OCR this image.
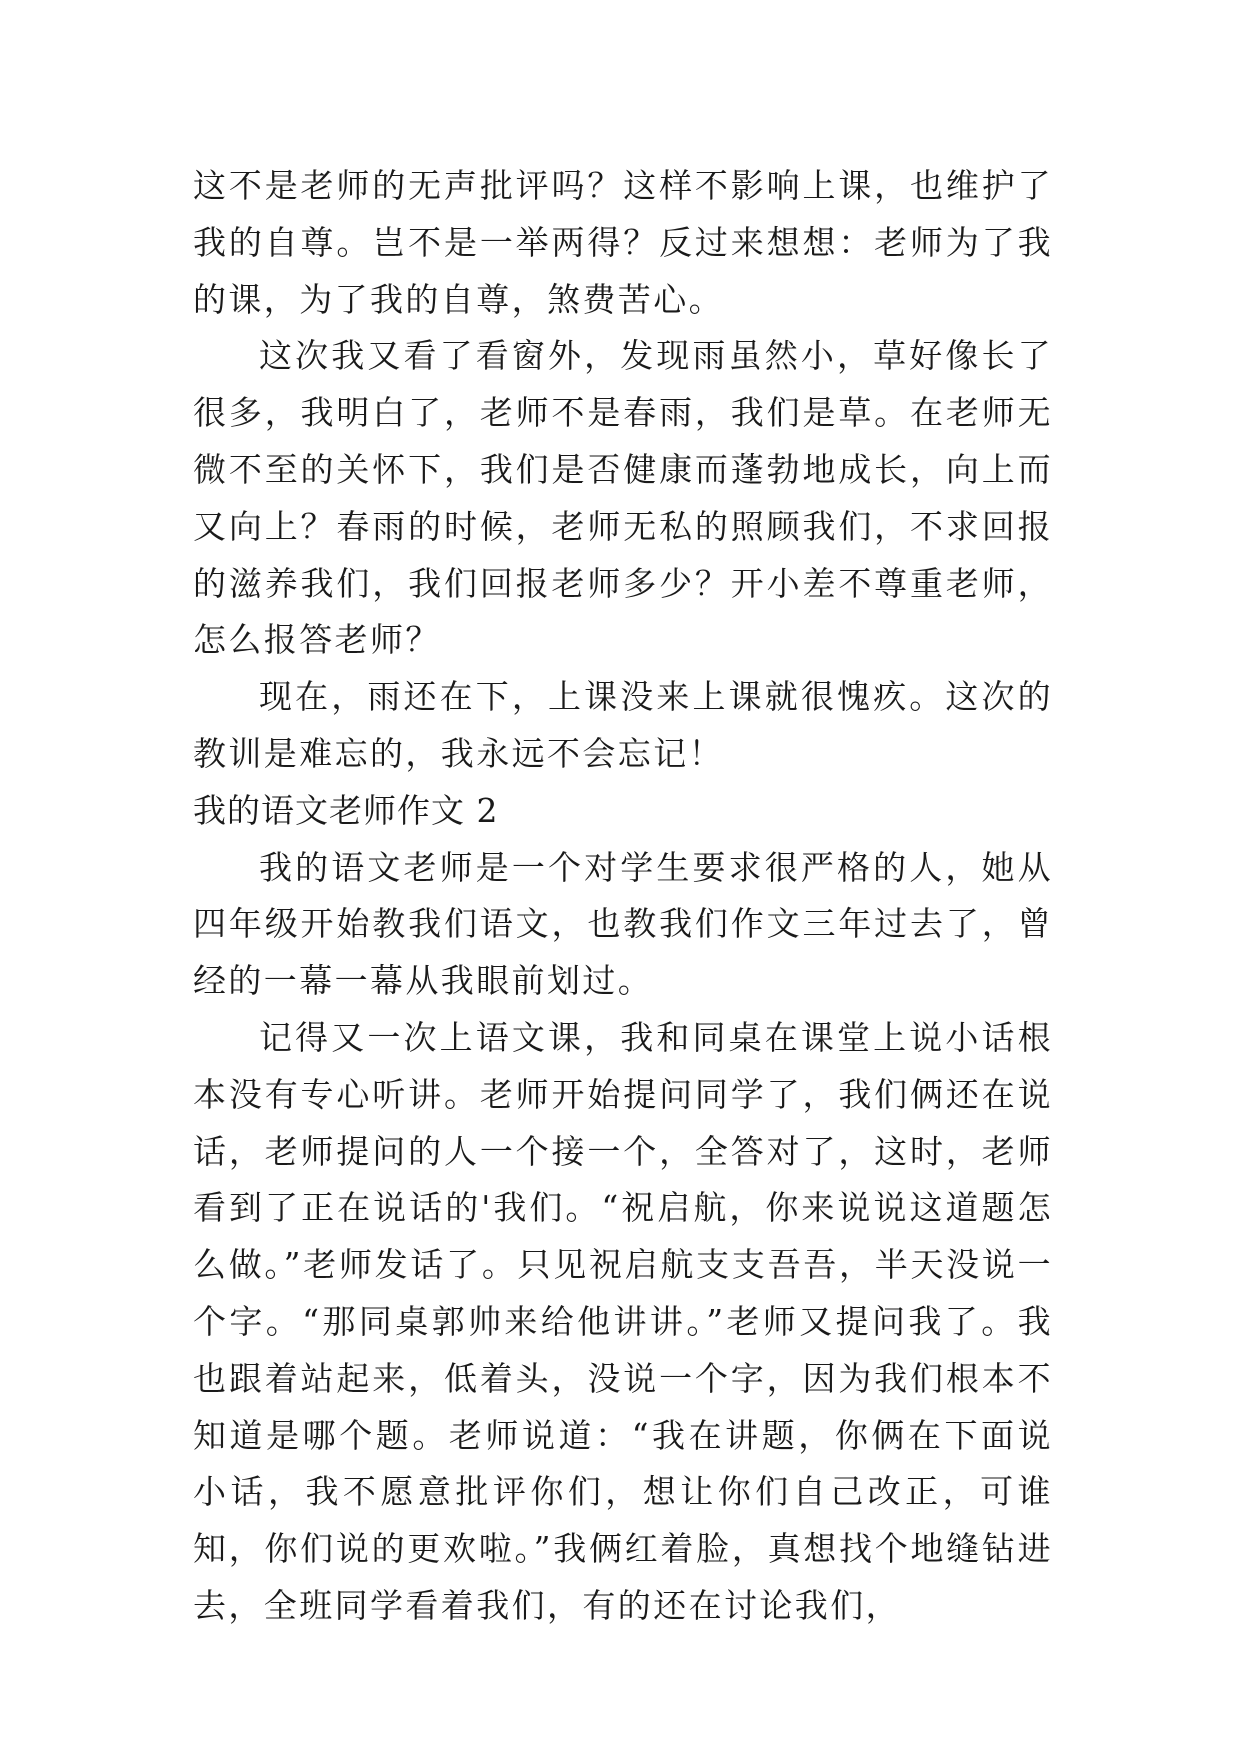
这不是老师的无声批评吗？这样不影响上课，也维护了我的自尊。岂不是一举两得？反过来想想：老师为了我的课，为了我的自尊，煞费苦心。

这次我又看了看窗外，发现雨虽然小，草好像长了很多，我明白了，老师不是春雨，我们是草。在老师无微不至的关怀下，我们是否健康而蓬勃地成长，向上而又向上？春雨的时候，老师无私的照顾我们，不求回报的滋养我们，我们回报老师多少？开小差不尊重老师，怎么报答老师？

现在，雨还在下，上课没来上课就很愧疚。这次的教训是难忘的，我永远不会忘记！

我的语文老师作文 2

我的语文老师是一个对学生要求很严格的人，她从四年级开始教我们语文，也教我们作文三年过去了，曾经的一幕一幕从我眼前划过。

记得又一次上语文课，我和同桌在课堂上说小话根本没有专心听讲。老师开始提问同学了，我们俩还在说话，老师提问的人一个接一个，全答对了，这时，老师看到了正在说话的'我们。“祝启航，你来说说这道题怎么做。”老师发话了。只见祝启航支支吾吾，半天没说一个字。“那同桌郭帅来给他讲讲。”老师又提问我了。我也跟着站起来，低着头，没说一个字，因为我们根本不知道是哪个题。老师说道：“我在讲题，你俩在下面说小话，我不愿意批评你们，想让你们自己改正，可谁知，你们说的更欢啦。”我俩红着脸，真想找个地缝钻进去，全班同学看着我们，有的还在讨论我们，
